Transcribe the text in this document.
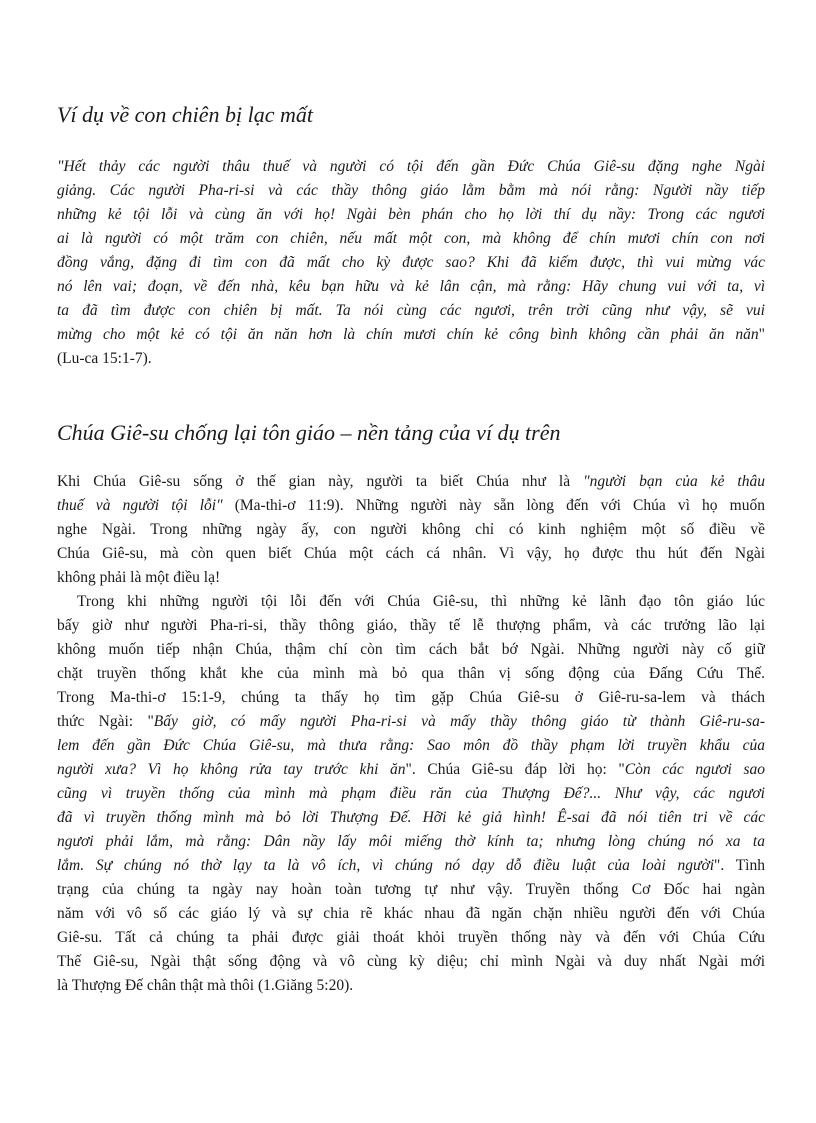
Ví dụ về con chiên bị lạc mất
"Hết thảy các người thâu thuế và người có tội đến gần Đức Chúa Giê-su đặng nghe Ngài
giảng. Các người Pha-ri-si và các thầy thông giáo lằm bằm mà nói rằng: Người nầy tiếp
những kẻ tội lỗi và cùng ăn với họ! Ngài bèn phán cho họ lời thí dụ nầy: Trong các ngươi
ai là người có một trăm con chiên, nếu mất một con, mà không để chín mươi chín con nơi
đồng vắng, đặng đi tìm con đã mất cho kỳ được sao? Khi đã kiếm được, thì vui mừng vác
nó lên vai; đoạn, về đến nhà, kêu bạn hữu và kẻ lân cận, mà rằng: Hãy chung vui với ta, vì
ta đã tìm được con chiên bị mất. Ta nói cùng các ngươi, trên trời cũng như vậy, sẽ vui
mừng cho một kẻ có tội ăn năn hơn là chín mươi chín kẻ công bình không cần phải ăn năn"
(Lu-ca 15:1-7).
Chúa Giê-su chống lại tôn giáo – nền tảng của ví dụ trên
Khi Chúa Giê-su sống ở thế gian này, người ta biết Chúa như là "người bạn của kẻ thâu
thuế và người tội lỗi" (Ma-thi-ơ 11:9). Những người này sẵn lòng đến với Chúa vì họ muốn
nghe Ngài. Trong những ngày ấy, con người không chỉ có kinh nghiệm một số điều về
Chúa Giê-su, mà còn quen biết Chúa một cách cá nhân. Vì vậy, họ được thu hút đến Ngài
không phải là một điều lạ!
Trong khi những người tội lỗi đến với Chúa Giê-su, thì những kẻ lãnh đạo tôn giáo lúc
bấy giờ như người Pha-ri-si, thầy thông giáo, thầy tế lễ thượng phẩm, và các trưởng lão lại
không muốn tiếp nhận Chúa, thậm chí còn tìm cách bắt bớ Ngài. Những người này cố giữ
chặt truyền thống khắt khe của mình mà bỏ qua thân vị sống động của Đấng Cứu Thế.
Trong Ma-thi-ơ 15:1-9, chúng ta thấy họ tìm gặp Chúa Giê-su ở Giê-ru-sa-lem và thách
thức Ngài: "Bấy giờ, có mấy người Pha-ri-si và mấy thầy thông giáo từ thành Giê-ru-sa-
lem đến gần Đức Chúa Giê-su, mà thưa rằng: Sao môn đồ thầy phạm lời truyền khẩu của
người xưa? Vì họ không rửa tay trước khi ăn". Chúa Giê-su đáp lời họ: "Còn các ngươi sao
cũng vì truyền thống của mình mà phạm điều răn của Thượng Đế?... Như vậy, các ngươi
đã vì truyền thống mình mà bỏ lời Thượng Đế. Hỡi kẻ giả hình! Ê-sai đã nói tiên tri về các
ngươi phải lắm, mà rằng: Dân nầy lấy môi miếng thờ kính ta; nhưng lòng chúng nó xa ta
lắm. Sự chúng nó thờ lạy ta là vô ích, vì chúng nó dạy dỗ điều luật của loài người". Tình
trạng của chúng ta ngày nay hoàn toàn tương tự như vậy. Truyền thống Cơ Đốc hai ngàn
năm với vô số các giáo lý và sự chia rẽ khác nhau đã ngăn chặn nhiều người đến với Chúa
Giê-su. Tất cả chúng ta phải được giải thoát khỏi truyền thống này và đến với Chúa Cứu
Thế Giê-su, Ngài thật sống động và vô cùng kỳ diệu; chỉ mình Ngài và duy nhất Ngài mới
là Thượng Đế chân thật mà thôi (1.Giăng 5:20).
